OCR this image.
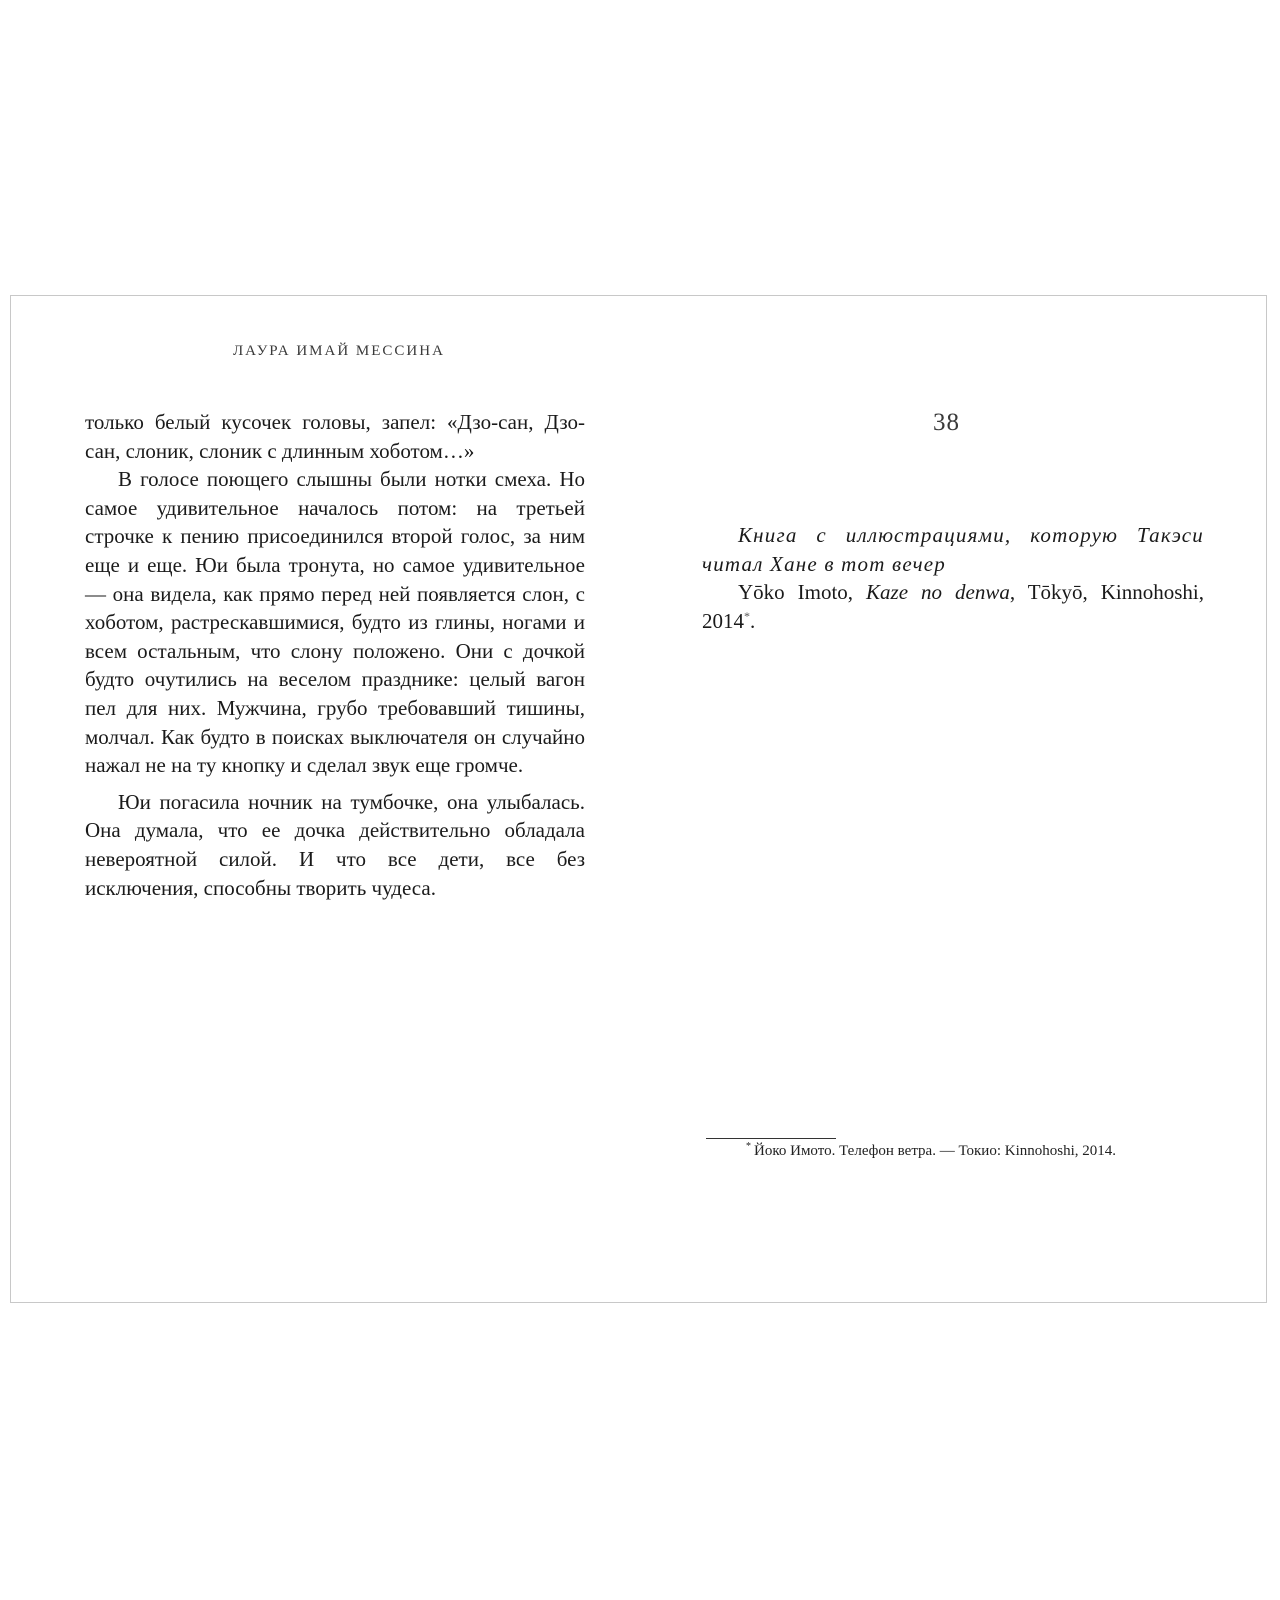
ЛАУРА ИМАЙ МЕССИНА

только белый кусочек головы, запел: «Дзо-сан, Дзо-сан, слоник, слоник с длинным хоботом…»

В голосе поющего слышны были нотки смеха. Но самое удивительное началось потом: на третьей строчке к пению присоединился второй голос, за ним еще и еще. Юи была тронута, но самое удивительное — она видела, как прямо перед ней появляется слон, с хоботом, растрескавшимися, будто из глины, ногами и всем остальным, что слону положено. Они с дочкой будто очутились на веселом празднике: целый вагон пел для них. Мужчина, грубо требовавший тишины, молчал. Как будто в поисках выключателя он случайно нажал не на ту кнопку и сделал звук еще громче.

Юи погасила ночник на тумбочке, она улыбалась. Она думала, что ее дочка действительно обладала невероятной силой. И что все дети, все без исключения, способны творить чудеса.

38

Книга с иллюстрациями, которую Такэси читал Хане в тот вечер

Yōko Imoto, Kaze no denwa, Tōkyō, Kinnohoshi, 2014*.

* Йоко Имото. Телефон ветра. — Токио: Kinnohoshi, 2014.
